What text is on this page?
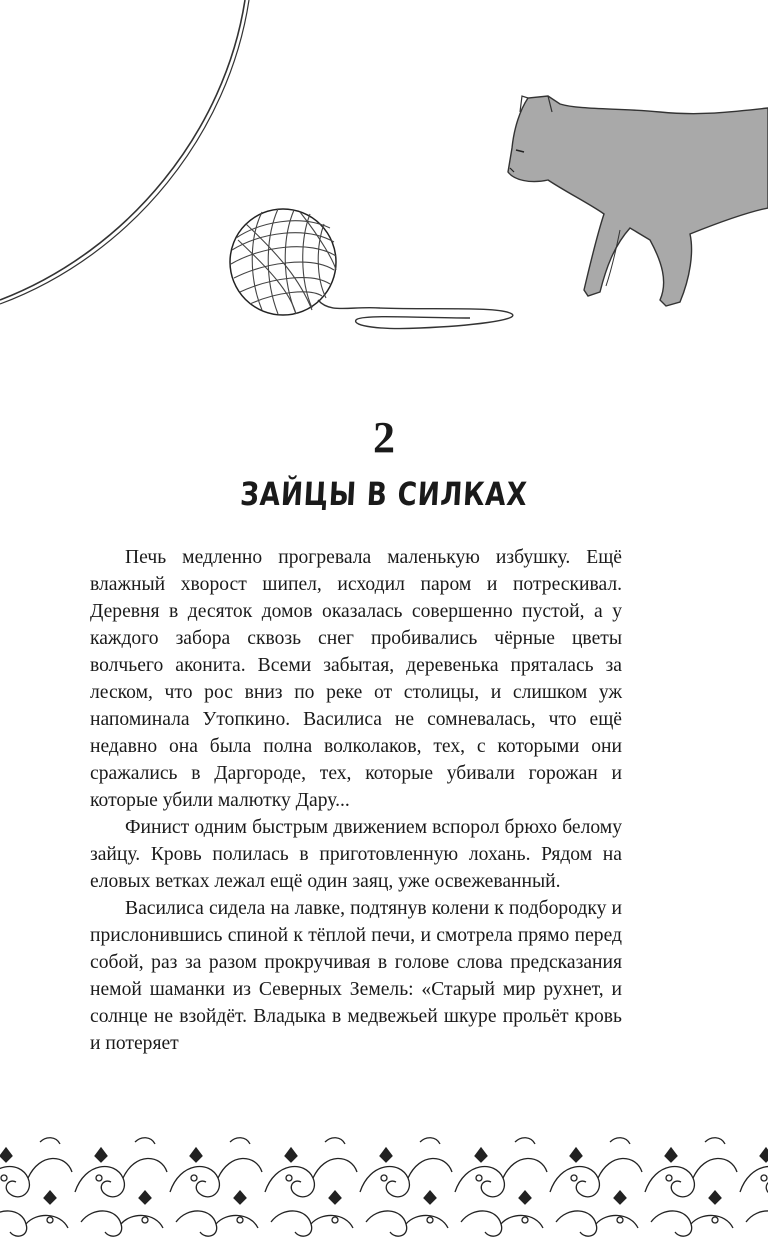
2
ЗАЙЦЫ В СИЛКАХ

Печь медленно прогревала маленькую избушку. Ещё влажный хворост шипел, исходил паром и потрескивал. Деревня в десяток домов оказалась совершенно пустой, а у каждого забора сквозь снег пробивались чёрные цветы волчьего аконита. Всеми забытая, деревенька пряталась за леском, что рос вниз по реке от столицы, и слишком уж напоминала Утопкино. Василиса не сомневалась, что ещё недавно она была полна волколаков, тех, с которыми они сражались в Даргороде, тех, которые убивали горожан и которые убили малютку Дару...

Финист одним быстрым движением вспорол брюхо белому зайцу. Кровь полилась в приготовленную лохань. Рядом на еловых ветках лежал ещё один заяц, уже освежеванный.

Василиса сидела на лавке, подтянув колени к подбородку и прислонившись спиной к тёплой печи, и смотрела прямо перед собой, раз за разом прокручивая в голове слова предсказания немой шаманки из Северных Земель: «Старый мир рухнет, и солнце не взойдёт. Владыка в медвежьей шкуре прольёт кровь и потеряет
